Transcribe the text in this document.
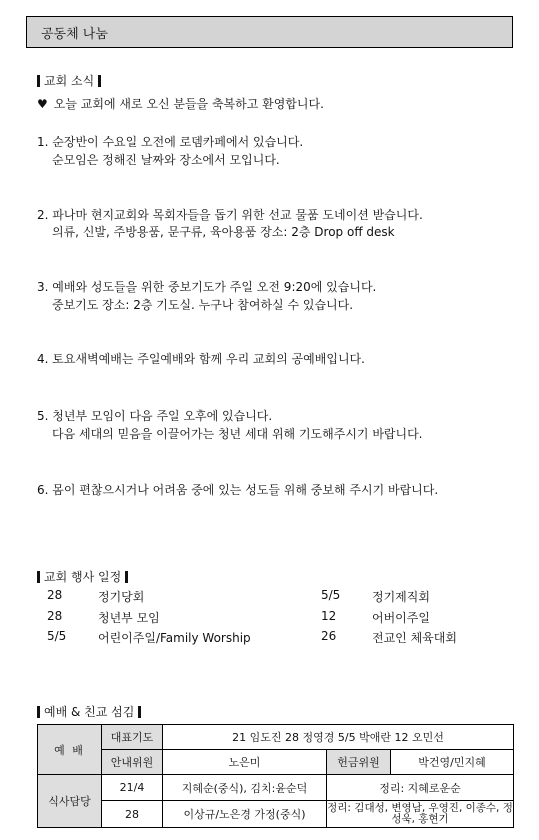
공동체 나눔
교회 소식
♥ 오늘 교회에 새로 오신 분들을 축복하고 환영합니다.
1. 순장반이 수요일 오전에 로뎀카페에서 있습니다.
순모임은 정해진 날짜와 장소에서 모입니다.
2. 파나마 현지교회와 목회자들을 돕기 위한 선교 물품 도네이션 받습니다.
의류, 신발, 주방용품, 문구류, 육아용품 장소: 2층 Drop off desk
3. 예배와 성도들을 위한 중보기도가 주일 오전 9:20에 있습니다.
중보기도 장소: 2층 기도실. 누구나 참여하실 수 있습니다.
4. 토요새벽예배는 주일예배와 함께 우리 교회의 공예배입니다.
5. 청년부 모임이 다음 주일 오후에 있습니다.
다음 세대의 믿음을 이끌어가는 청년 세대 위해 기도해주시기 바랍니다.
6. 몸이 편찮으시거나 어려움 중에 있는 성도들 위해 중보해 주시기 바랍니다.
교회 행사 일정
28	정기당회
28	청년부 모임
5/5	어린이주일/Family Worship
5/5	정기제직회
12	어버이주일
26	전교인 체육대회
예배 & 친교 섬김
예 배	대표기도	21 임도진 28 정영경 5/5 박애란 12 오민선		
	안내위원	노은미	헌금위원	박건영/민지혜
식사담당	21/4	지혜순(중식), 김치:윤순덕	정리: 지혜로운순	
	28	이상규/노은경 가정(중식)	정리: 김대성, 변영남, 우영진, 이종수, 정성욱, 홍현기	
